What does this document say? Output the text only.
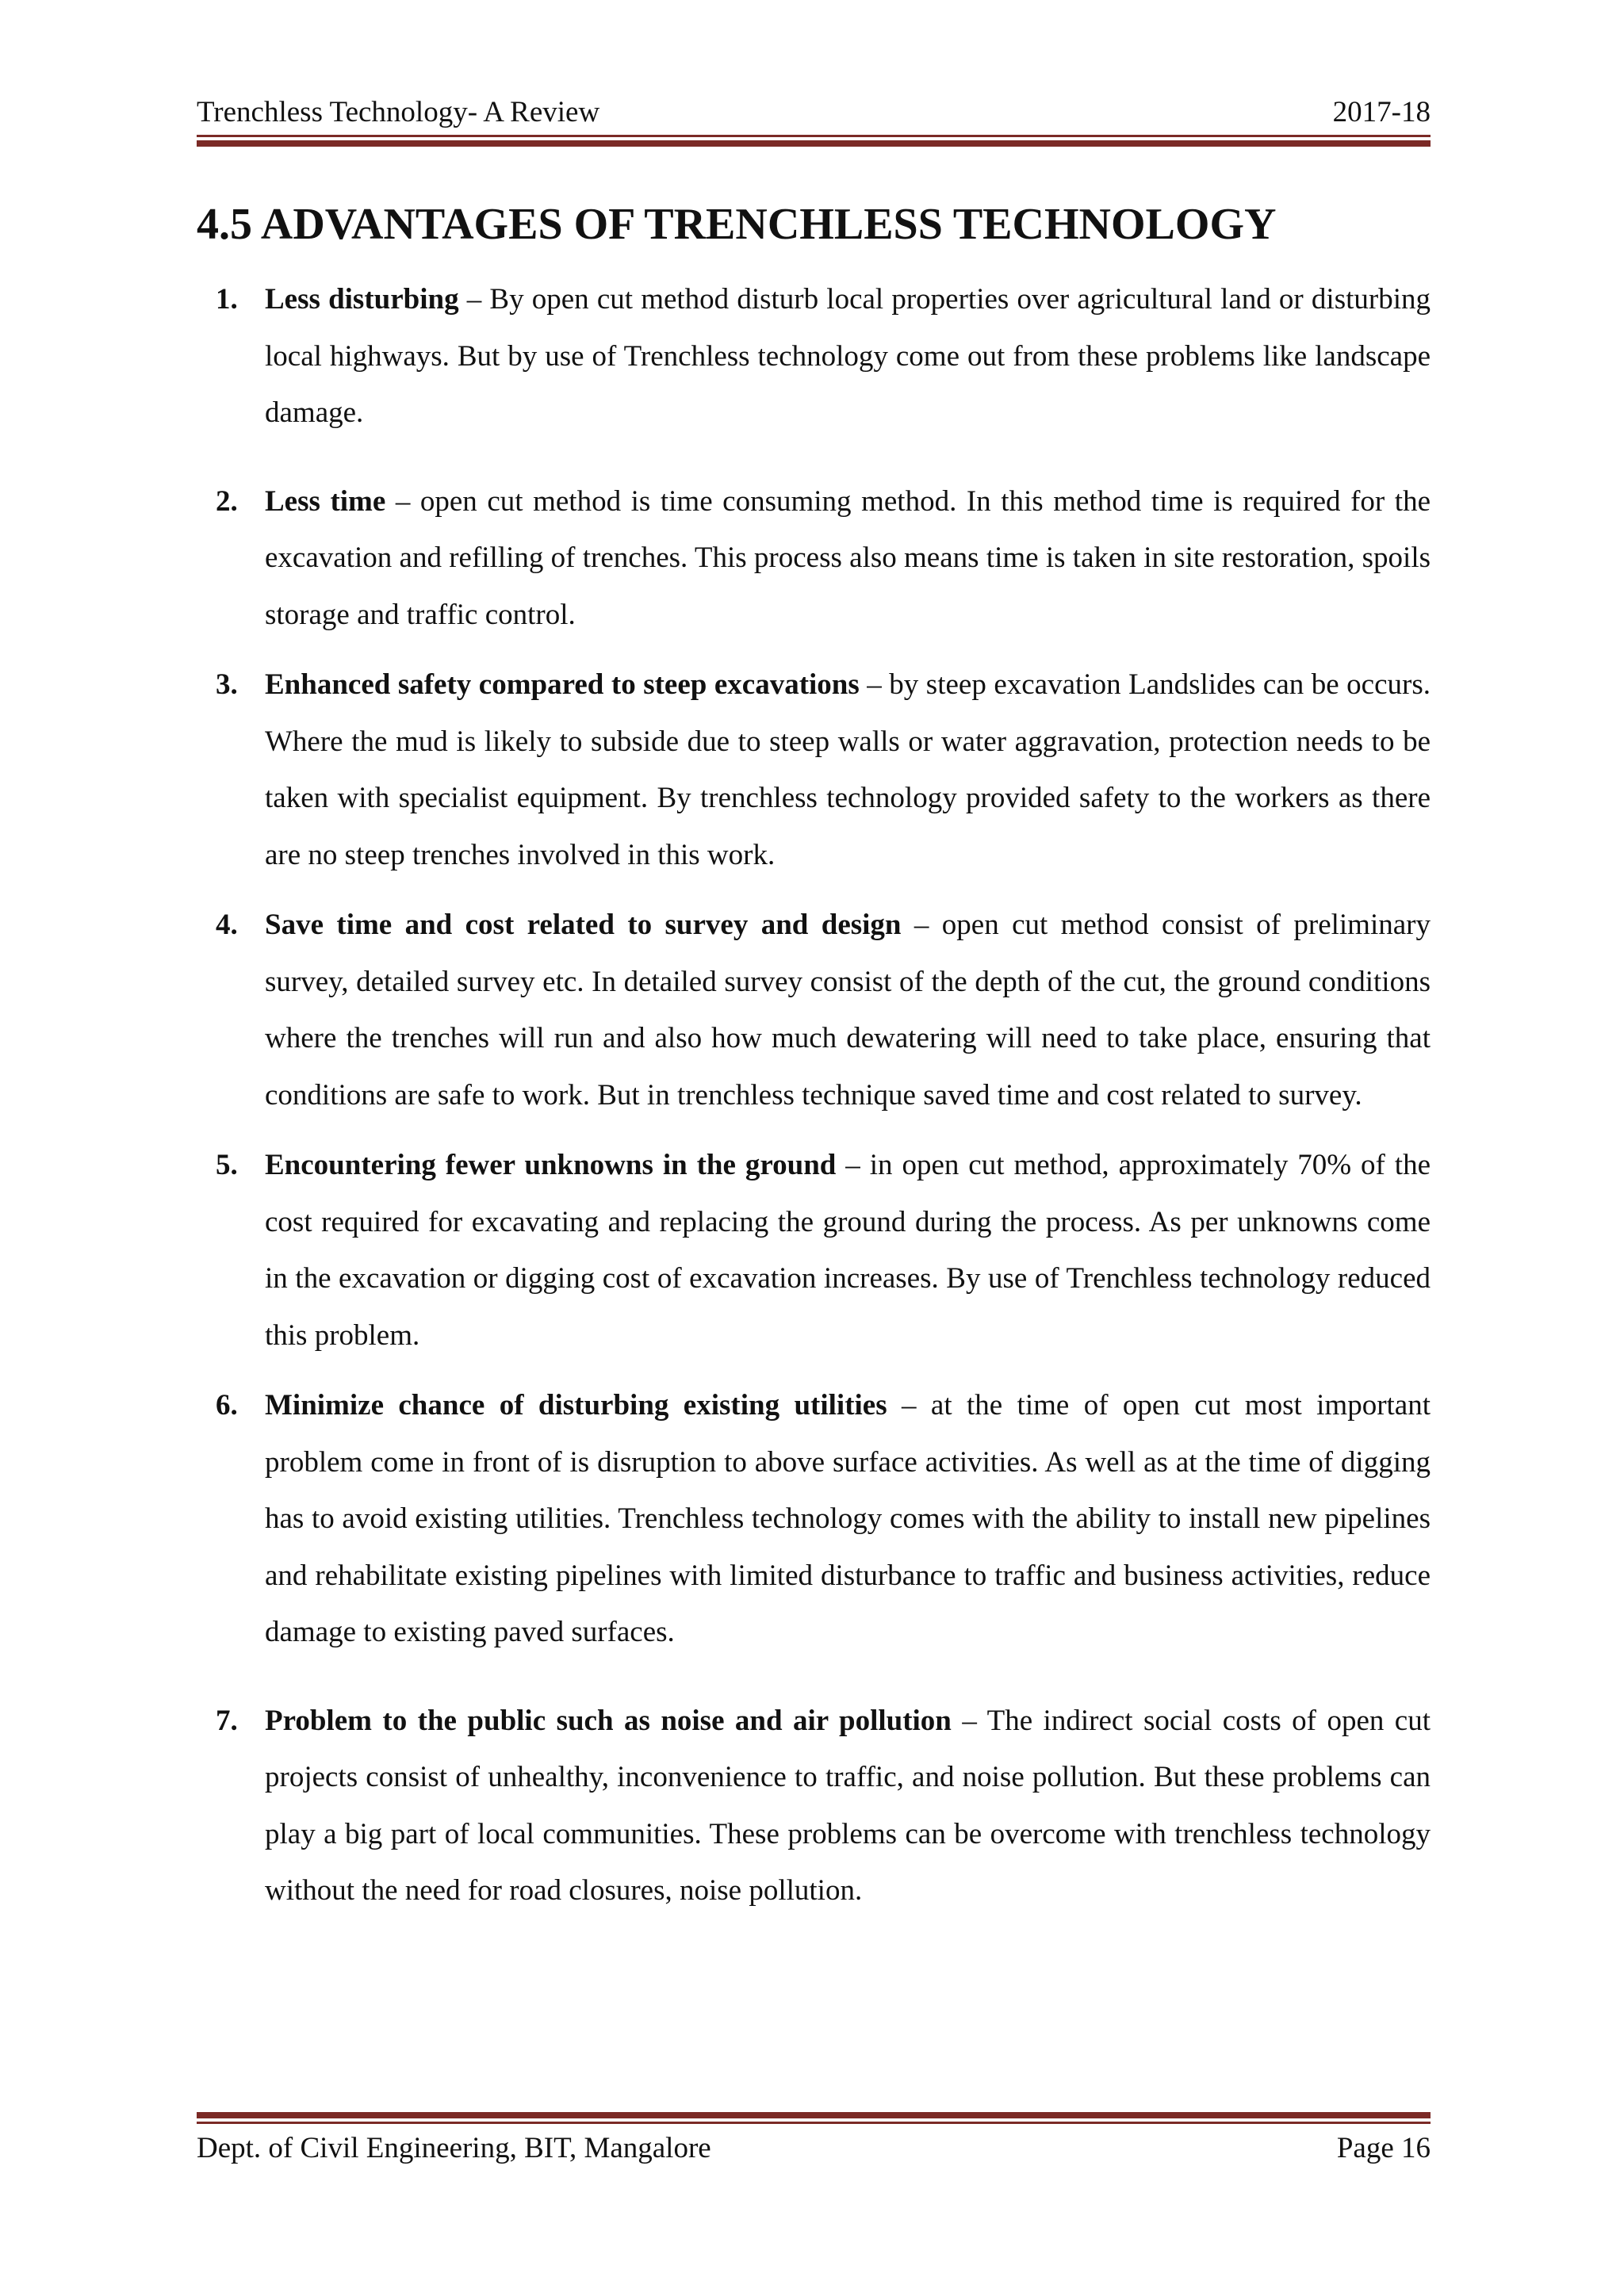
Trenchless Technology- A Review	2017-18
4.5 ADVANTAGES OF TRENCHLESS TECHNOLOGY
1. Less disturbing – By open cut method disturb local properties over agricultural land or disturbing local highways. But by use of Trenchless technology come out from these problems like landscape damage.
2. Less time – open cut method is time consuming method. In this method time is required for the excavation and refilling of trenches. This process also means time is taken in site restoration, spoils storage and traffic control.
3. Enhanced safety compared to steep excavations – by steep excavation Landslides can be occurs. Where the mud is likely to subside due to steep walls or water aggravation, protection needs to be taken with specialist equipment. By trenchless technology provided safety to the workers as there are no steep trenches involved in this work.
4. Save time and cost related to survey and design – open cut method consist of preliminary survey, detailed survey etc. In detailed survey consist of the depth of the cut, the ground conditions where the trenches will run and also how much dewatering will need to take place, ensuring that conditions are safe to work. But in trenchless technique saved time and cost related to survey.
5. Encountering fewer unknowns in the ground – in open cut method, approximately 70% of the cost required for excavating and replacing the ground during the process. As per unknowns come in the excavation or digging cost of excavation increases. By use of Trenchless technology reduced this problem.
6. Minimize chance of disturbing existing utilities – at the time of open cut most important problem come in front of is disruption to above surface activities. As well as at the time of digging has to avoid existing utilities. Trenchless technology comes with the ability to install new pipelines and rehabilitate existing pipelines with limited disturbance to traffic and business activities, reduce damage to existing paved surfaces.
7. Problem to the public such as noise and air pollution – The indirect social costs of open cut projects consist of unhealthy, inconvenience to traffic, and noise pollution. But these problems can play a big part of local communities. These problems can be overcome with trenchless technology without the need for road closures, noise pollution.
Dept. of Civil Engineering, BIT, Mangalore	Page 16
